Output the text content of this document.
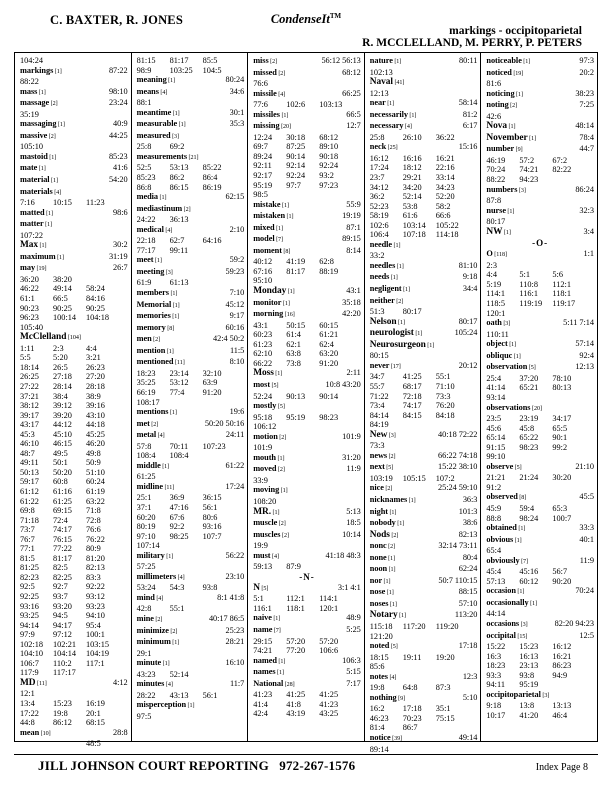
C. BAXTER, R. JONES	CondenseIt™
markings - occipitoparietal
R. MCCLELLAND, M. PERRY, P. PETERS
104:24
markings [1]	87:22
88:22
mass [1]	98:10
massage [2]	23:24
35:19
massaging [1]	40:9
massive [2]	44:25
105:10
mastoid [1]	85:23
mate [1]	41:6
material [1]	54:20
materials [4]
7:16 10:15 11:23
matted [1]	98:6
matter [1]
107:22
Max [1]	30:2
maximum [1]	31:19
may [19]	26:7
36:20 38:20
46:22 49:14 58:24
61:1 66:5 84:16
90:23 90:25 90:25
96:23 100:14 104:18
105:40
McClelland [104]
1:11 2:3	4:4
5:5	5:20 3:21
18:14 26:5 26:23
26:25 27:18 27:20
27:22 28:14 28:18
37:21 38:4 38:9
38:12 39:12 39:16
39:17 39:20 43:10
43:17 44:12 44:18
45:3 45:10 45:25
46:10 46:15 46:20
48:7 49:5 49:8
49:11 50:1 50:9
50:13 50:20 51:10
59:17 60:8 60:24
61:12 61:16 61:19
61:22 61:25 63:22
69:8 69:15 71:8
71:18 72:4 72:8
73:7 74:17 76:6
76:7 76:15 76:22
77:1 77:22 80:9
81:5 81:17 81:20
81:25 82:5 82:13
82:23 82:25 83:3
92:5 92:7 92:22
92:25 93:7 93:12
93:16 93:20 93:23
93:25 94:5 94:10
94:14 94:17 95:4
97:9 97:12 100:1
102:18 102:21 103:15
104:10 104:14 104:19
106:7 110:2 117:1
117:9 117:17
MD [11]	4:12
12:1
13:4 15:23 16:19
17:22 19:8 20:1
44:8 86:12 68:15
mean [10]	28:8
48:5
81:15 81:17 85:5
98:9 103:25 104:5
meaning [1]	80:24
means [4]	34:6
88:1
meantime [1]	30:1
measurable [1]	35:3
measured [3]
25:8 69:2
measurements [21]
52:5 53:13 85:22
85:23 86:2 86:4
86:8 86:15 86:19
media [1]	62:15
mediastinum [2]
24:22 36:13
medical [4]	2:10
22:18 62:7 64:16
77:17 99:11
meet [1]	59:2
meeting [3]	59:23
61:9 61:13
members [1]	7:10
Memorial [1]	45:12
memories [1]	9:17
memory [8]	60:16
men [2]	42:4 50:2
mention [1]	11:5
mentioned [11]	8:10
18:23 23:14 32:10
35:25 53:12 63:9
66:19 77:4 91:20
108:17
mentions [1]	19:6
met [2]	50:20 50:16
metal [4]	24:11
57:8 70:11 107:23
108:4 108:4
middle [1]	61:22
61:25
midline [11]	17:24
25:1 36:9 36:15
37:1 47:16 56:1
60:20 67:6 80:6
80:19 92:2 93:16
97:10 98:25 107:7
107:14
military [1]	56:22
57:25
millimeters [4]	23:10
53:24 54:3 93:8
mind [4]	8:1 41:8
42:8 55:1
mine [2]	40:17 86:5
minimize [2]	25:23
minimum [1]	28:21
29:1
minute [1]	16:10
43:23 52:14
minutes [4]	11:7
28:22 43:13 56:1
misperception [1]
97:5
miss [2]	56:12 56:13
missed [2]	68:12
76:6
missile [4]	66:25
77:6 102:6 103:13
missiles [1]	66:5
missing [20]	12:7
12:24 30:18 68:12
69:7 87:25 89:10
89:24 90:14 90:18
92:11 92:14 92:24
92:17 92:24 93:2
95:19 97:7 97:23
98:5
mistake [1]	55:9
mistaken [1]	19:19
mixed [1]	87:1
model [7]	89:15
moment [8]	8:14
40:12 41:19 62:8
67:16 81:17 88:19
95:10
Monday [1]	43:1
monitor [1]	35:18
morning [16]	42:20
43:1 50:15 60:15
60:23 61:4 61:21
61:23 62:1 62:4
62:10 63:8 63:20
66:22 73:8 91:20
Moss [1]	2:11
most [5]	10:8 43:20
52:24 90:13 90:14
mostly [5]
95:18 95:19 98:23
106:12
motion [2]	101:9
101:9
mouth [1]	31:20
moved [2]	11:9
33:9
moving [1]
108:20
MR. [1]	5:13
muscle [2]	18:5
muscles [2]	10:14
19:9
must [4]	41:18 48:3
59:13 87:9
-N-
N [5]	3:1 4:1
5:1	112:1 114:1
116:1 118:1 120:1
naive [1]	48:9
name [7]	5:25
29:15 57:20 57:20
74:21 77:20 106:6
named [1]	106:3
names [1]	5:15
National [28]	7:17
41:23 41:25 41:25
41:4 41:8 41:23
42:4 43:19 43:25
nature [1]	80:11
102:13
Naval [41]
12:13
near [1]	58:14
necessarily [1]	81:2
necessary [4]	6:17
25:8 26:10 36:22
neck [25]	15:16
16:12 16:16 16:21
17:24 18:12 22:16
23:7 29:21 33:14
34:12 34:20 34:23
36:2 52:14 52:20
52:23 53:8 58:2
58:19 61:6 66:6
102:6 103:14 105:22
106:4 107:18 114:18
needle [1]
33:2
needles [1]	81:10
needs [1]	9:18
negligent [1]	34:4
neither [2]
51:3 80:17
Nelson [1]	80:17
neurologist [1]	105:24
Neurosurgeon [1]
80:15
never [17]	20:12
34:7 41:25 55:1
55:7 68:17 71:10
71:22 72:18 73:3
73:4 74:17 76:20
84:14 84:15 84:18
84:19
New [3]	40:18 72:22
73:3
news [2]	66:22 74:18
next [5]	15:22 38:10
103:19 105:15 107:2
nice [2]	25:24 59:10
nicknames [1]	36:3
night [1]	101:3
nobody [1]	38:6
Nods [2]	82:13
nonc [2]	32:14 73:11
none [1]	80:4
noon [1]	62:24
nor [1]	50:7 110:15
nose [1]	88:15
noses [1]	57:10
Notary [1]	113:20
115:18 117:20 119:20
121:20
noted [5]	17:18
18:15 19:11 19:20
85:6
notes [4]	12:3
19:8 64:8 87:3
nothing [9]	5:10
16:2 17:18 35:1
46:23 70:23 75:15
81:4 86:7
notice [39]	49:14
89:14
noticeable [1]	97:3
noticed [19]	20:2
81:6
noticing [1]	38:23
noting [2]	7:25
42:6
Nova [1]	48:14
November [1]	78:4
number [9]	44:7
46:19 57:2 67:2
70:24 74:21 82:22
88:22 94:23
numbers [3]	86:24
87:8
nurse [1]	32:3
80:17
NW [1]	3:4
-O-
O [118]	1:1
2:3
4:4	5:1	5:6
5:19 110:8 112:1
114:1 116:1 118:1
118:5 119:19 119:17
120:1
oath [3]	5:11 7:14
110:11
object [1]	57:14
obliquc [1]	92:4
observation [5]	12:13
25:4 37:20 78:10
41:14 65:21 80:13
93:14
observations [20]
23:5 23:19 34:17
45:6 45:8 65:5
65:14 65:22 90:1
91:15 98:23 99:2
99:10
observe [5]	21:10
21:21 21:24 30:20
91:2
observed [8]	45:5
45:9 59:4 65:3
88:8 98:24 100:7
obtained [1]	33:3
obvious [1]	40:1
65:4
obviously [7]	11:9
45:4 45:16 56:7
57:13 60:12 90:20
occasion [1]	70:24
occasionally [1]
44:14
occasions [3]	82:20 94:23
occipital [15]	12:5
15:22 15:23 16:12
16:3 16:13 16:21
18:23 23:13 86:23
93:3 93:8 94:9
94:11 95:19
occipitoparietal [3]
9:18 13:8 13:13
10:17 41:20 46:4
JILL JOHNSON COURT REPORTING 972-267-1576	Index Page 8
